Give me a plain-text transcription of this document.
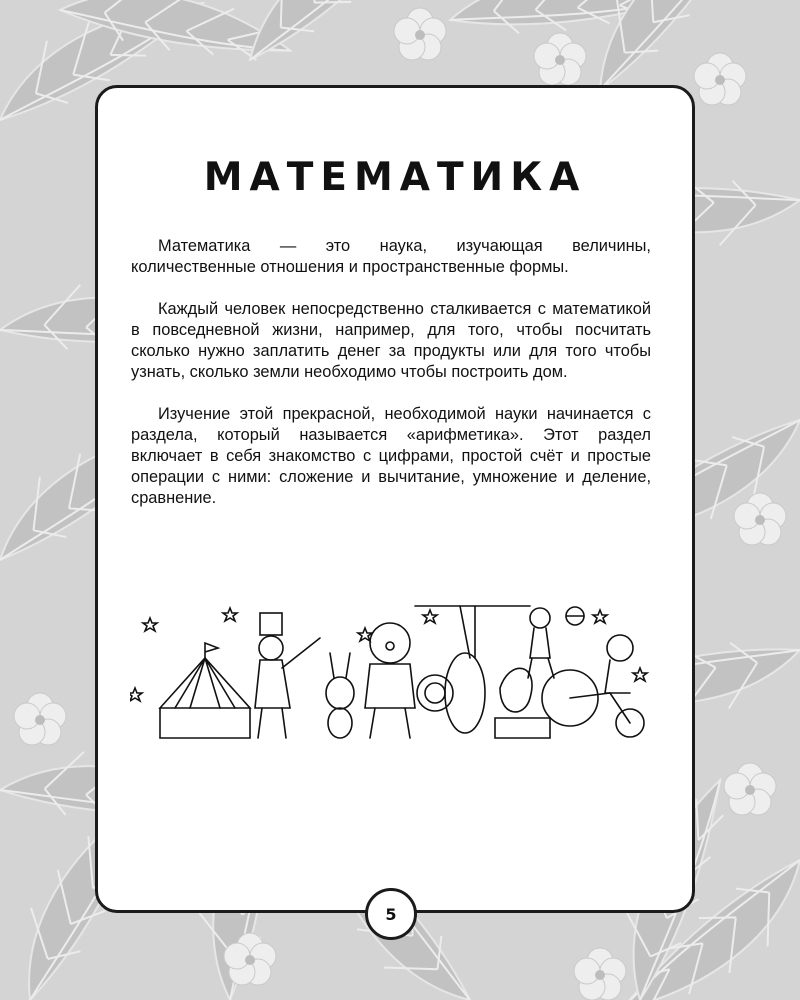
МАТЕМАТИКА

Математика — это наука, изучающая величины, количественные отношения и пространственные формы.

Каждый человек непосредственно сталкивается с математикой в повседневной жизни, например, для того, чтобы посчитать сколько нужно заплатить денег за продукты или для того чтобы узнать, сколько земли необходимо чтобы построить дом.

Изучение этой прекрасной, необходимой науки начинается с раздела, который называется «арифметика». Этот раздел включает в себя знакомство с цифрами, простой счёт и простые операции с ними: сложение и вычитание, умножение и деление, сравнение.

5
